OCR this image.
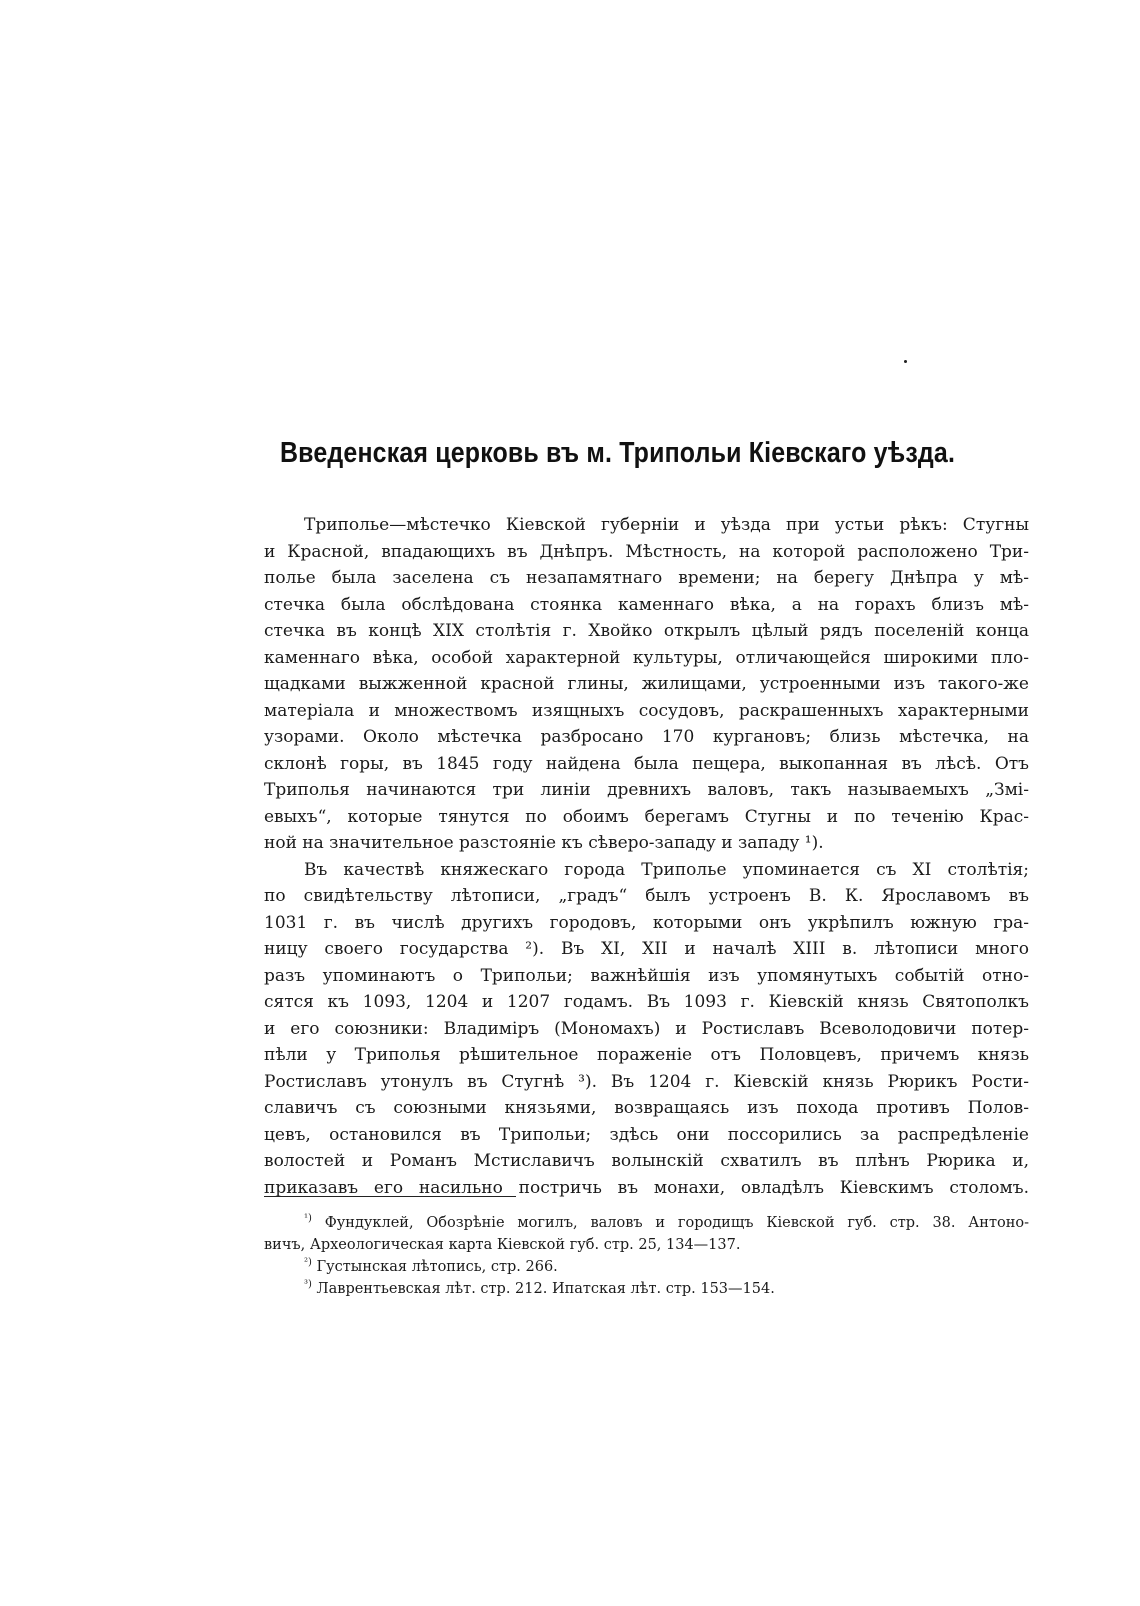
Введенская церковь въ м. Трипольи Кіевскаго уѣзда.
Триполье—мѣстечко Кіевской губерніи и уѣзда при устьи рѣкъ: Стугны
и Красной, впадающихъ въ Днѣпръ. Мѣстность, на которой расположено Три-
полье была заселена съ незапамятнаго времени; на берегу Днѣпра у мѣ-
стечка была обслѣдована стоянка каменнаго вѣка, а на горахъ близъ мѣ-
стечка въ концѣ XIX столѣтія г. Хвойко открылъ цѣлый рядъ поселеній конца
каменнаго вѣка, особой характерной культуры, отличающейся широкими пло-
щадками выжженной красной глины, жилищами, устроенными изъ такого-же
матеріала и множествомъ изящныхъ сосудовъ, раскрашенныхъ характерными
узорами. Около мѣстечка разбросано 170 кургановъ; близь мѣстечка, на
склонѣ горы, въ 1845 году найдена была пещера, выкопанная въ лѣсѣ. Отъ
Триполья начинаются три линіи древнихъ валовъ, такъ называемыхъ „Змі-
евыхъ“, которые тянутся по обоимъ берегамъ Стугны и по теченію Крас-
ной на значительное разстояніе къ сѣверо-западу и западу ¹).
Въ качествѣ княжескаго города Триполье упоминается съ XI столѣтія;
по свидѣтельству лѣтописи, „градъ“ былъ устроенъ В. К. Ярославомъ въ
1031 г. въ числѣ другихъ городовъ, которыми онъ укрѣпилъ южную гра-
ницу своего государства ²). Въ XI, XII и началѣ XIII в. лѣтописи много
разъ упоминаютъ о Трипольи; важнѣйшія изъ упомянутыхъ событій отно-
сятся къ 1093, 1204 и 1207 годамъ. Въ 1093 г. Кіевскій князь Святополкъ
и его союзники: Владиміръ (Мономахъ) и Ростиславъ Всеволодовичи потер-
пѣли у Триполья рѣшительное пораженіе отъ Половцевъ, причемъ князь
Ростиславъ утонулъ въ Стугнѣ ³). Въ 1204 г. Кіевскій князь Рюрикъ Рости-
славичъ съ союзными князьями, возвращаясь изъ похода противъ Полов-
цевъ, остановился въ Трипольи; здѣсь они поссорились за распредѣленіе
волостей и Романъ Мстиславичъ волынскій схватилъ въ плѣнъ Рюрика и,
приказавъ его насильно постричь въ монахи, овладѣлъ Кіевскимъ столомъ.
$^{^1)}$ Фундуклей, Обозрѣніе могилъ, валовъ и городищъ Кіевской губ. стр. 38. Антоно-
вичъ, Археологическая карта Кіевской губ. стр. 25, 134—137.
$^{^2)}$ Густынская лѣтопись, стр. 266.
$^{^3)}$ Лаврентьевская лѣт. стр. 212. Ипатская лѣт. стр. 153—154.
